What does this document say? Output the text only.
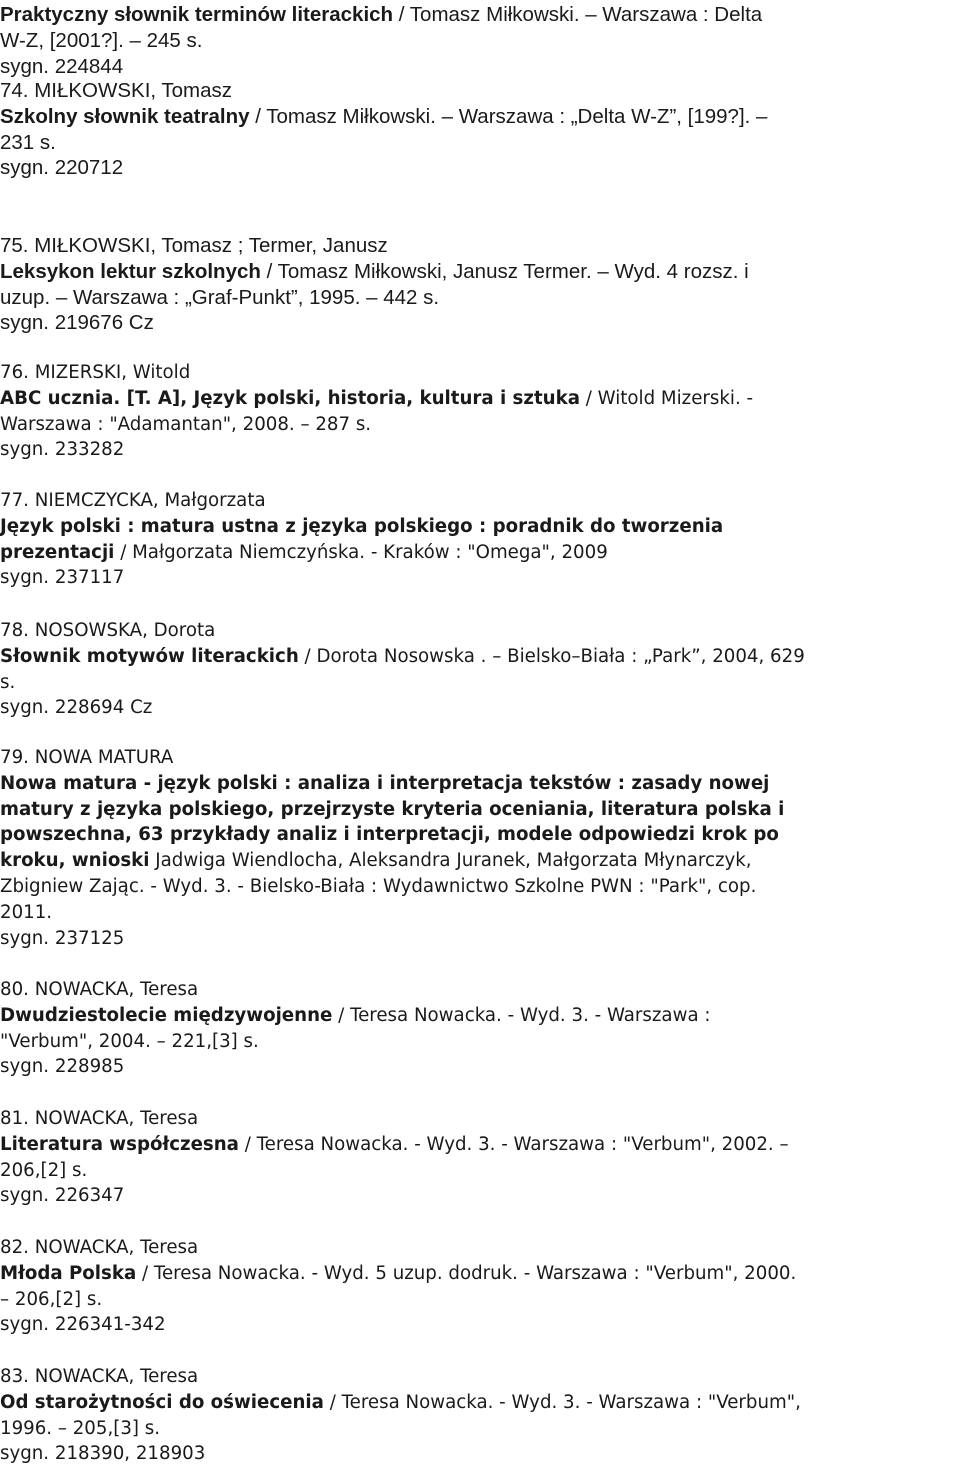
Praktyczny słownik terminów literackich / Tomasz Miłkowski. – Warszawa : Delta
W-Z, [2001?]. – 245 s.
sygn. 224844
74. MIŁKOWSKI, Tomasz
Szkolny słownik teatralny / Tomasz Miłkowski. – Warszawa : „Delta W-Z”, [199?]. –
231 s.
sygn. 220712
75. MIŁKOWSKI, Tomasz ; Termer, Janusz
Leksykon lektur szkolnych / Tomasz Miłkowski, Janusz Termer. – Wyd. 4 rozsz. i
uzup. – Warszawa : „Graf-Punkt”, 1995. – 442 s.
sygn. 219676 Cz
76. MIZERSKI, Witold
ABC ucznia. [T. A], Język polski, historia, kultura i sztuka / Witold Mizerski. -
Warszawa : "Adamantan", 2008. – 287 s.
sygn. 233282
77. NIEMCZYCKA, Małgorzata
Język polski : matura ustna z języka polskiego : poradnik do tworzenia
prezentacji / Małgorzata Niemczyńska. - Kraków : "Omega", 2009
sygn. 237117
78. NOSOWSKA, Dorota
Słownik motywów literackich / Dorota Nosowska . – Bielsko–Biała : „Park”, 2004, 629
s.
sygn. 228694 Cz
79. NOWA MATURA
Nowa matura - język polski : analiza i interpretacja tekstów : zasady nowej
matury z języka polskiego, przejrzyste kryteria oceniania, literatura polska i
powszechna, 63 przykłady analiz i interpretacji, modele odpowiedzi krok po
kroku, wnioski Jadwiga Wiendlocha, Aleksandra Juranek, Małgorzata Młynarczyk,
Zbigniew Zając. - Wyd. 3. - Bielsko-Biała : Wydawnictwo Szkolne PWN : "Park", cop.
2011.
sygn. 237125
80. NOWACKA, Teresa
Dwudziestolecie międzywojenne / Teresa Nowacka. - Wyd. 3. - Warszawa :
"Verbum", 2004. – 221,[3] s.
sygn. 228985
81. NOWACKA, Teresa
Literatura współczesna / Teresa Nowacka. - Wyd. 3. - Warszawa : "Verbum", 2002. –
206,[2] s.
sygn. 226347
82. NOWACKA, Teresa
Młoda Polska / Teresa Nowacka. - Wyd. 5 uzup. dodruk. - Warszawa : "Verbum", 2000.
– 206,[2] s.
sygn. 226341-342
83. NOWACKA, Teresa
Od starożytności do oświecenia / Teresa Nowacka. - Wyd. 3. - Warszawa : "Verbum",
1996. – 205,[3] s.
sygn. 218390, 218903
